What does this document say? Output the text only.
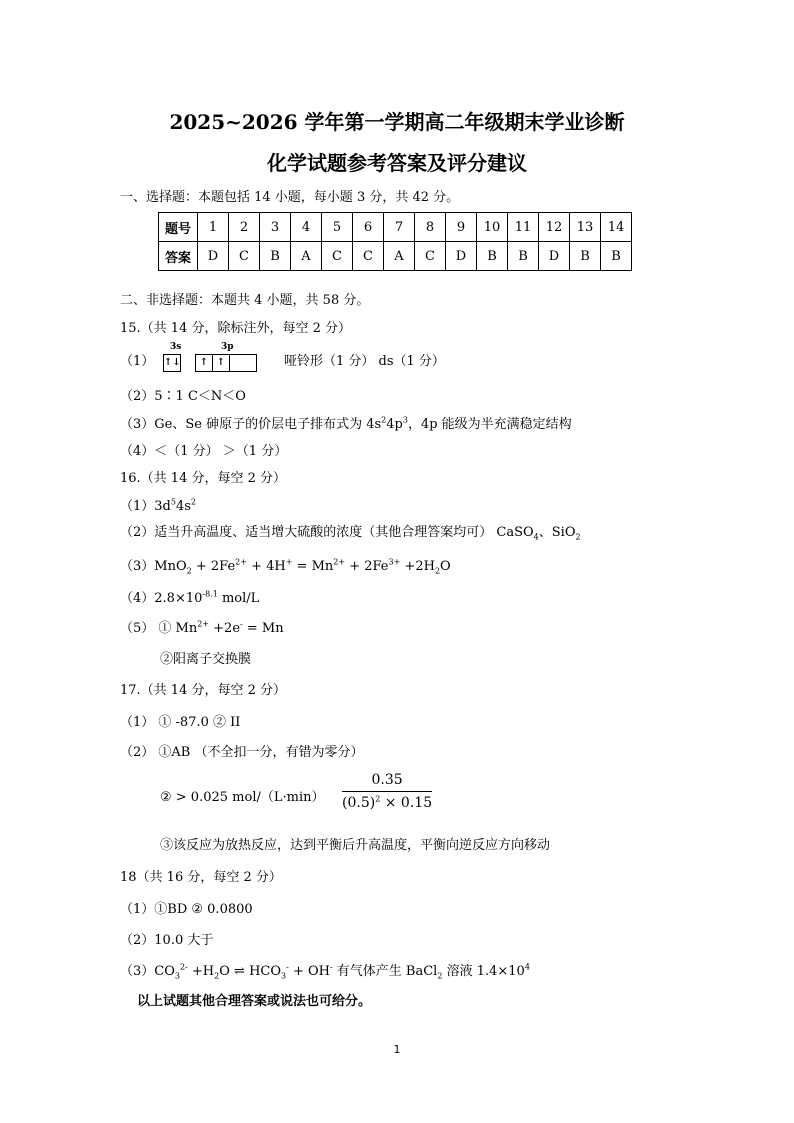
2025~2026 学年第一学期高二年级期末学业诊断
化学试题参考答案及评分建议
一、选择题：本题包括 14 小题，每小题 3 分，共 42 分。
题号	1	2	3	4	5	6	7	8	9	10	11	12	13	14
答案	D	C	B	A	C	C	A	C	D	B	B	D	B	B
二、非选择题：本题共 4 小题，共 58 分。
15.（共 14 分，除标注外，每空 2 分）
（1）
3s
↑↓
3p
↑ ↑	哑铃形（1 分） ds（1 分）
（2）5∶1 C＜N＜O
（3）Ge、Se 砷原子的价层电子排布式为 $4s^24p^3$，4p 能级为半充满稳定结构
（4）＜（1 分） ＞（1 分）
16.（共 14 分，每空 2 分）
$(1)3d^54s^2$
（2）适当升高温度、适当增大硫酸的浓度（其他合理答案均可） CaSO$_4$、SiO$_2$
$(3)MnO_2 + 2Fe^{2+} + 4H^+ = Mn^{2+} + 2Fe^{3+} +2H_2O$
$(4)2.8\times 10^{-8.1}$ mol/L
（5） ① $Mn^{2+} +2e^- = Mn$
②阳离子交换膜
17.（共 14 分，每空 2 分）
（1） ① -87.0 ② II
（2） ①AB （不全扣一分，有错为零分）
② > 0.025 $mol/(L\cdot\min) \frac{0.35}{(0.5)^2 \times 0.15}$
③该反应为放热反应，达到平衡后升高温度，平衡向逆反应方向移动
18（共 16 分，每空 2 分）
（1）①BD ② 0.0800
（2）10.0 大于
$(3)CO_3^{2-} +H_2O$ ⇌ $HCO_3^- + OH^-$ 有气体产生 BaCl$_2$ 溶液 $1.4\times 10^4$
以上试题其他合理答案或说法也可给分。
1
